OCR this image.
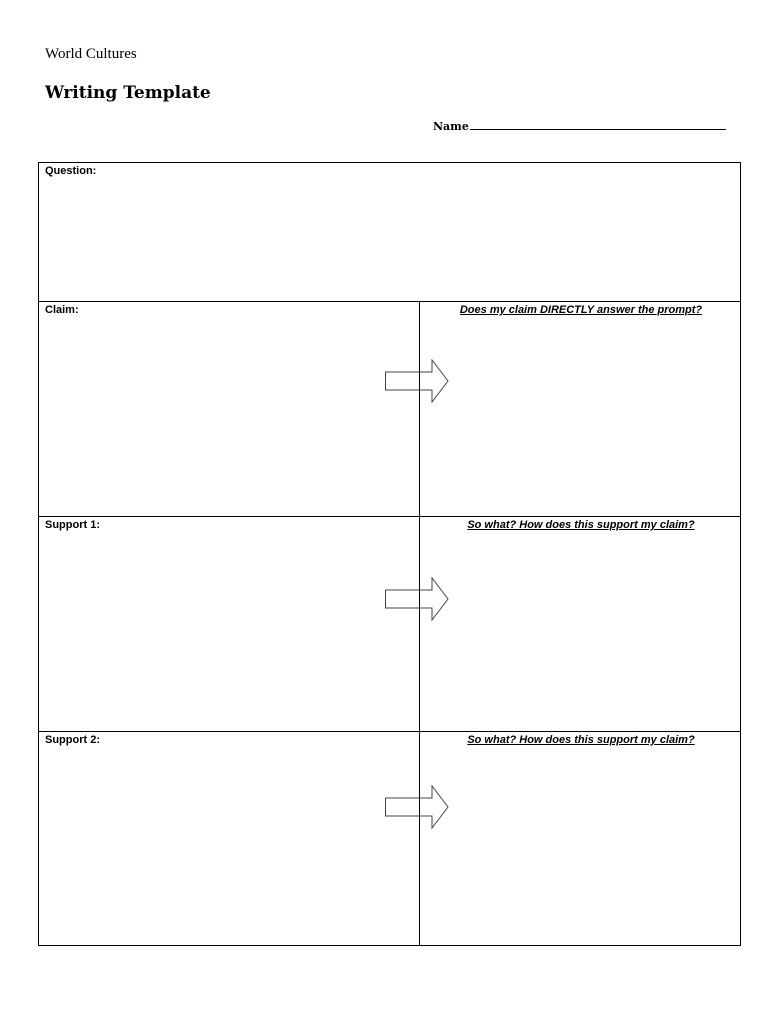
World Cultures
Writing Template
Name
Question:
Claim:	Does my claim DIRECTLY answer the prompt?
Support 1:	So what? How does this support my claim?
Support 2:	So what? How does this support my claim?
